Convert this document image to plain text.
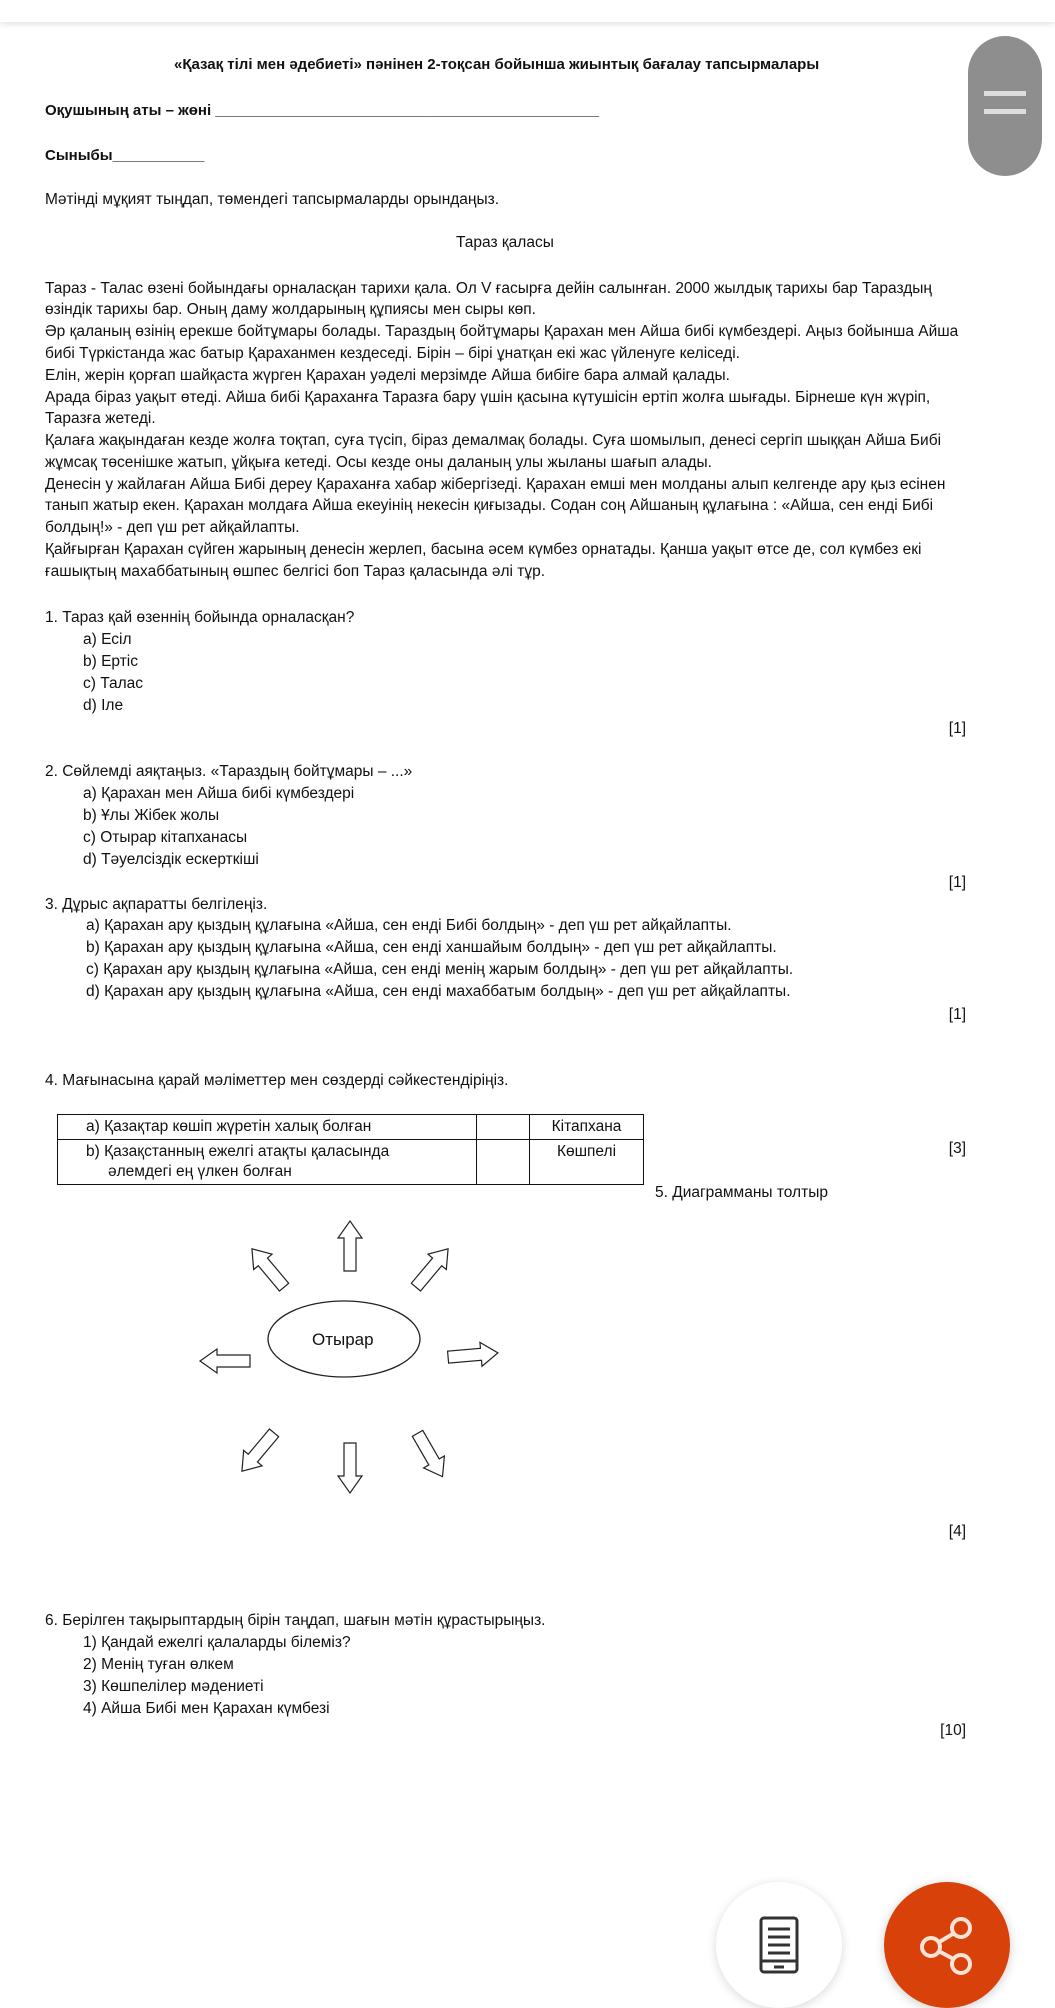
«Қазақ тілі мен әдебиеті» пәнінен 2-тоқсан бойынша жиынтық бағалау тапсырмалары
Оқушының аты – жөні ______________________________________________
Сыныбы___________
Мәтінді мұқият тыңдап, төмендегі тапсырмаларды орындаңыз.
Тараз қаласы
Тараз - Талас өзені бойындағы орналасқан тарихи қала. Ол V ғасырға дейін салынған. 2000 жылдық тарихы бар Тараздың
өзіндік тарихы бар. Оның даму жолдарының құпиясы мен сыры көп.
Әр қаланың өзінің ерекше бойтұмары болады. Тараздың бойтұмары Қарахан мен Айша бибі күмбездері. Аңыз бойынша Айша
бибі Түркістанда жас батыр Қараханмен кездеседі. Бірін – бірі ұнатқан екі жас үйленуге келіседі.
Елін, жерін қорғап шайқаста жүрген Қарахан уәделі мерзімде Айша бибіге бара алмай қалады.
Арада біраз уақыт өтеді. Айша бибі Қараханға Таразға бару үшін қасына күтушісін ертіп жолға шығады. Бірнеше күн жүріп,
Таразға жетеді.
Қалаға жақындаған кезде жолға тоқтап, суға түсіп, біраз демалмақ болады. Суға шомылып, денесі сергіп шыққан Айша Бибі
жұмсақ төсенішке жатып, ұйқыға кетеді. Осы кезде оны даланың улы жыланы шағып алады.
Денесін у жайлаған Айша Бибі дереу Қараханға хабар жібергізеді. Қарахан емші мен молданы алып келгенде ару қыз есінен
танып жатыр екен. Қарахан молдаға Айша екеуінің некесін қиғызады. Содан соң Айшаның құлағына : «Айша, сен енді Бибі
болдың!» - деп үш рет айқайлапты.
Қайғырған Қарахан сүйген жарының денесін жерлеп, басына әсем күмбез орнатады. Қанша уақыт өтсе де, сол күмбез екі
ғашықтың махаббатының өшпес белгісі боп Тараз қаласында әлі тұр.
1. Тараз қай өзеннің бойында орналасқан?
a) Есіл
b) Ертіс
c) Талас
d) Іле
[1]
2. Сөйлемді аяқтаңыз. «Тараздың бойтұмары – ...»
a) Қарахан мен Айша бибі күмбездері
b) Ұлы Жібек жолы
c) Отырар кітапханасы
d) Тәуелсіздік ескерткіші
[1]
3. Дұрыс ақпаратты белгілеңіз.
a) Қарахан ару қыздың құлағына «Айша, сен енді Бибі болдың» - деп үш рет айқайлапты.
b) Қарахан ару қыздың құлағына «Айша, сен енді ханшайым болдың» - деп үш рет айқайлапты.
c) Қарахан ару қыздың құлағына «Айша, сен енді менің жарым болдың» - деп үш рет айқайлапты.
d) Қарахан ару қыздың құлағына «Айша, сен енді махаббатым болдың» - деп үш рет айқайлапты.
[1]
4. Мағынасына қарай мәліметтер мен сөздерді сәйкестендіріңіз.
a) Қазақтар көшіп жүретін халық болған		Кітапхана
b) Қазақстанның ежелгі атақты қаласында
әлемдегі ең үлкен болған		Көшпелі	[3]
5. Диаграмманы толтыр
Отырар
[4]
6. Берілген тақырыптардың бірін таңдап, шағын мәтін құрастырыңыз.
1) Қандай ежелгі қалаларды білеміз?
2) Менің туған өлкем
3) Көшпелілер мәдениеті
4) Айша Бибі мен Қарахан күмбезі
[10]
